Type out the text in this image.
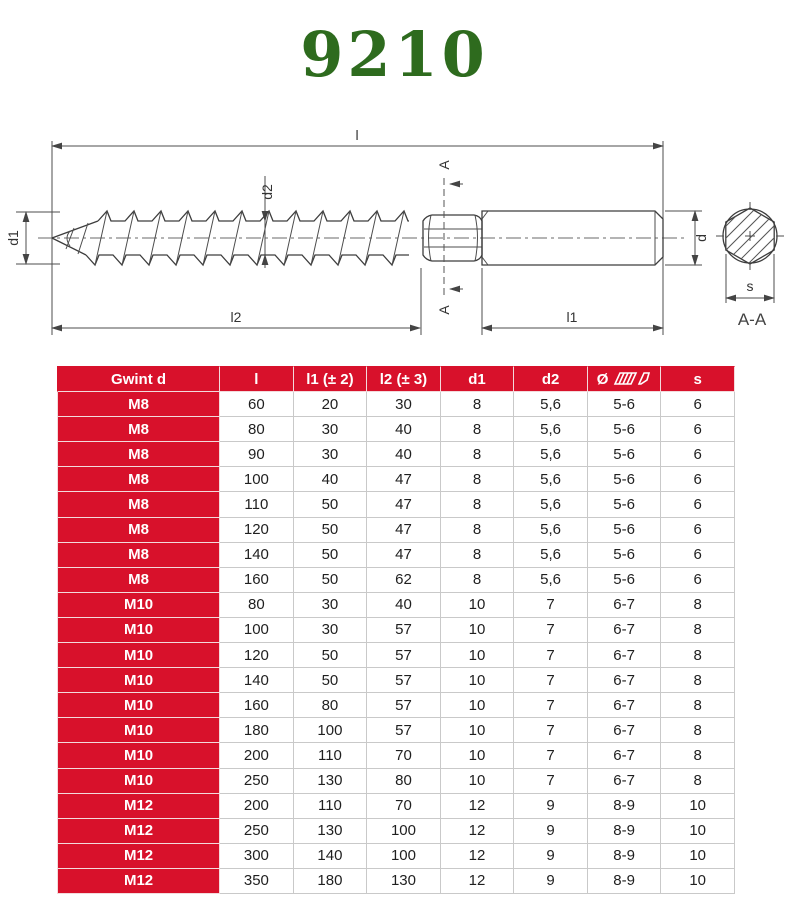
9210
l
l2	l1
d1
d2
d
A
A
s
A-A
Gwint d	l	l1 (± 2)	l2 (± 3)	d1	d2	Ø	s
M8	60	20	30	8	5,6	5-6	6
M8	80	30	40	8	5,6	5-6	6
M8	90	30	40	8	5,6	5-6	6
M8	100	40	47	8	5,6	5-6	6
M8	110	50	47	8	5,6	5-6	6
M8	120	50	47	8	5,6	5-6	6
M8	140	50	47	8	5,6	5-6	6
M8	160	50	62	8	5,6	5-6	6
M10	80	30	40	10	7	6-7	8
M10	100	30	57	10	7	6-7	8
M10	120	50	57	10	7	6-7	8
M10	140	50	57	10	7	6-7	8
M10	160	80	57	10	7	6-7	8
M10	180	100	57	10	7	6-7	8
M10	200	110	70	10	7	6-7	8
M10	250	130	80	10	7	6-7	8
M12	200	110	70	12	9	8-9	10
M12	250	130	100	12	9	8-9	10
M12	300	140	100	12	9	8-9	10
M12	350	180	130	12	9	8-9	10
